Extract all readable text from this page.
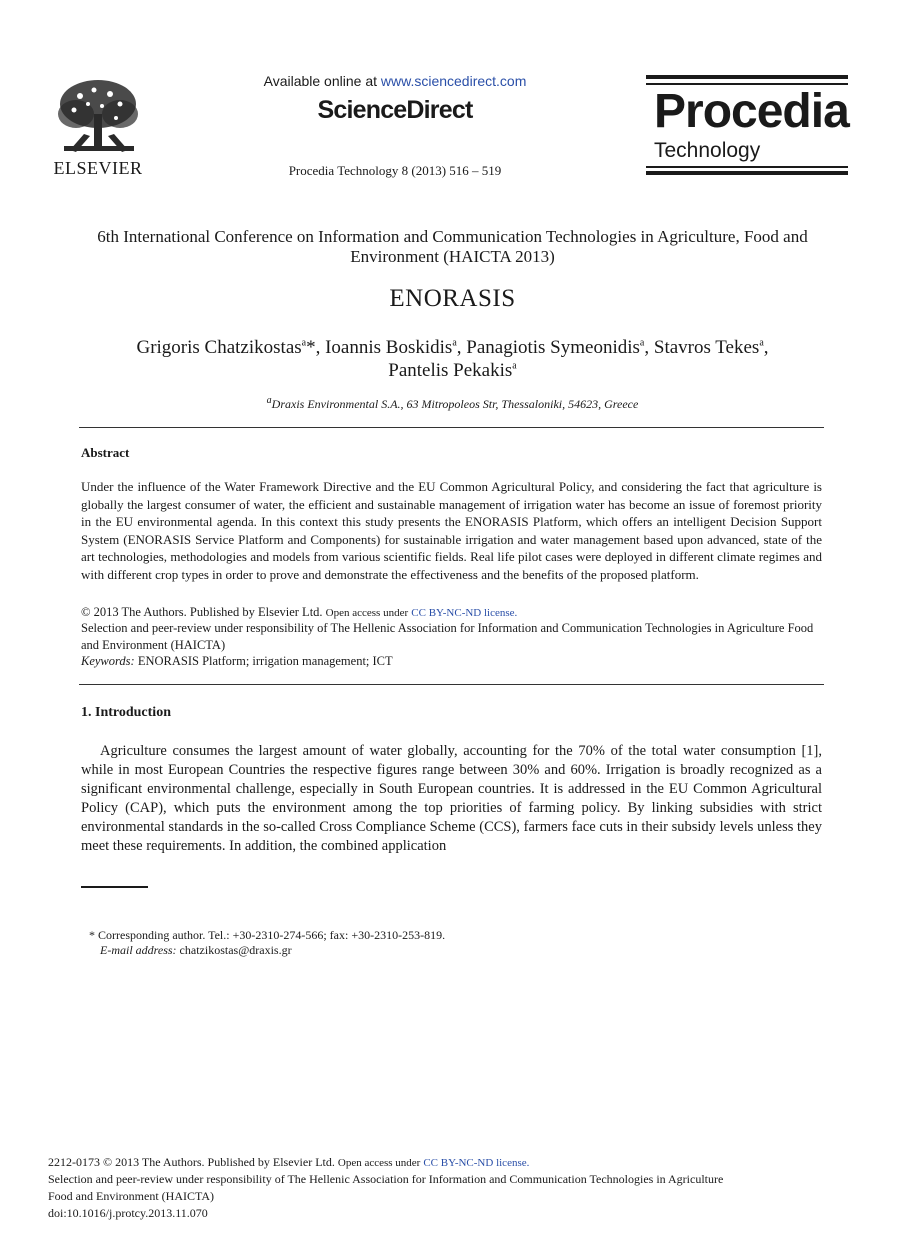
ELSEVIER
Available online at www.sciencedirect.com
ScienceDirect
Procedia Technology 8 (2013) 516 – 519
Procedia
Technology
6th International Conference on Information and Communication Technologies in Agriculture, Food and Environment (HAICTA 2013)
ENORASIS
Grigoris Chatzikostas$^a$*, Ioannis Boskidis$^a$, Panagiotis Symeonidis$^a$, Stavros Tekes$^a$,
Pantelis Pekakis$^a$
$^a$Draxis Environmental S.A., 63 Mitropoleos Str, Thessaloniki, 54623, Greece
Abstract
Under the influence of the Water Framework Directive and the EU Common Agricultural Policy, and considering the fact that agriculture is globally the largest consumer of water, the efficient and sustainable management of irrigation water has become an issue of foremost priority in the EU environmental agenda. In this context this study presents the ENORASIS Platform, which offers an intelligent Decision Support System (ENORASIS Service Platform and Components) for sustainable irrigation and water management based upon advanced, state of the art technologies, methodologies and models from various scientific fields. Real life pilot cases were deployed in different climate regimes and with different crop types in order to prove and demonstrate the effectiveness and the benefits of the proposed platform.
© 2013 The Authors. Published by Elsevier Ltd. Open access under CC BY-NC-ND license.
Selection and peer-review under responsibility of The Hellenic Association for Information and Communication Technologies in Agriculture Food and Environment (HAICTA)
Keywords: ENORASIS Platform; irrigation management; ICT
1. Introduction
Agriculture consumes the largest amount of water globally, accounting for the 70% of the total water consumption [1], while in most European Countries the respective figures range between 30% and 60%. Irrigation is broadly recognized as a significant environmental challenge, especially in South European countries. It is addressed in the EU Common Agricultural Policy (CAP), which puts the environment among the top priorities of farming policy. By linking subsidies with strict environmental standards in the so-called Cross Compliance Scheme (CCS), farmers face cuts in their subsidy levels unless they meet these requirements. In addition, the combined application
* Corresponding author. Tel.: +30-2310-274-566; fax: +30-2310-253-819.
E-mail address: chatzikostas@draxis.gr
2212-0173 © 2013 The Authors. Published by Elsevier Ltd. Open access under CC BY-NC-ND license.
Selection and peer-review under responsibility of The Hellenic Association for Information and Communication Technologies in Agriculture
Food and Environment (HAICTA)
doi:10.1016/j.protcy.2013.11.070
